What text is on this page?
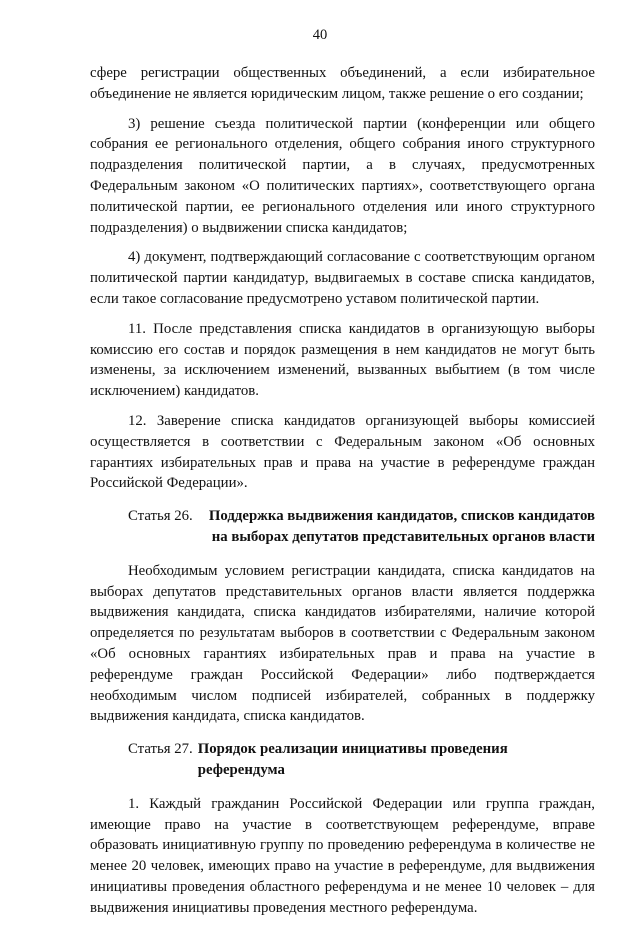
40

сфере регистрации общественных объединений, а если избирательное объединение не является юридическим лицом, также решение о его создании;

3) решение съезда политической партии (конференции или общего собрания ее регионального отделения, общего собрания иного структурного подразделения политической партии, а в случаях, предусмотренных Федеральным законом «О политических партиях», соответствующего органа политической партии, ее регионального отделения или иного структурного подразделения) о выдвижении списка кандидатов;

4) документ, подтверждающий согласование с соответствующим органом политической партии кандидатур, выдвигаемых в составе списка кандидатов, если такое согласование предусмотрено уставом политической партии.

11. После представления списка кандидатов в организующую выборы комиссию его состав и порядок размещения в нем кандидатов не могут быть изменены, за исключением изменений, вызванных выбытием (в том числе исключением) кандидатов.

12. Заверение списка кандидатов организующей выборы комиссией осуществляется в соответствии с Федеральным законом «Об основных гарантиях избирательных прав и права на участие в референдуме граждан Российской Федерации».

Статья 26.	Поддержка выдвижения кандидатов, списков кандидатов на выборах депутатов представительных органов власти

Необходимым условием регистрации кандидата, списка кандидатов на выборах депутатов представительных органов власти является поддержка выдвижения кандидата, списка кандидатов избирателями, наличие которой определяется по результатам выборов в соответствии с Федеральным законом «Об основных гарантиях избирательных прав и права на участие в референдуме граждан Российской Федерации» либо подтверждается необходимым числом подписей избирателей, собранных в поддержку выдвижения кандидата, списка кандидатов.

Статья 27. Порядок реализации инициативы проведения референдума

1. Каждый гражданин Российской Федерации или группа граждан, имеющие право на участие в соответствующем референдуме, вправе образовать инициативную группу по проведению референдума в количестве не менее 20 человек, имеющих право на участие в референдуме, для выдвижения инициативы проведения областного референдума и не менее 10 человек – для выдвижения инициативы проведения местного референдума.
